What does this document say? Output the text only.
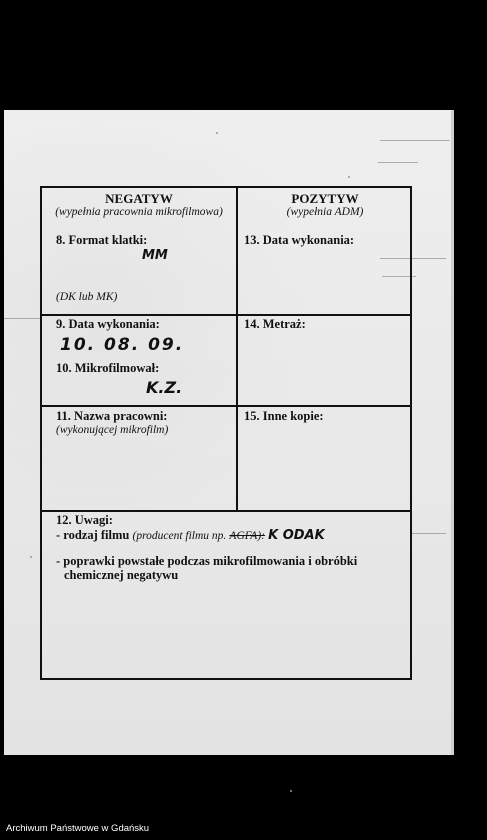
NEGATYW
(wypełnia pracownia mikrofilmowa)
POZYTYW
(wypełnia ADM)
8. Format klatki:
MM
(DK lub MK)
13. Data wykonania:
9. Data wykonania:
10. 08. 09.
10. Mikrofilmował:
K.Z.
14. Metraż:
11. Nazwa pracowni:
(wykonującej mikrofilm)
15. Inne kopie:
12. Uwagi:
- rodzaj filmu (producent filmu np. AGFA): K ODAK
- poprawki powstałe podczas mikrofilmowania i obróbki
chemicznej negatywu
Archiwum Państwowe w Gdańsku
